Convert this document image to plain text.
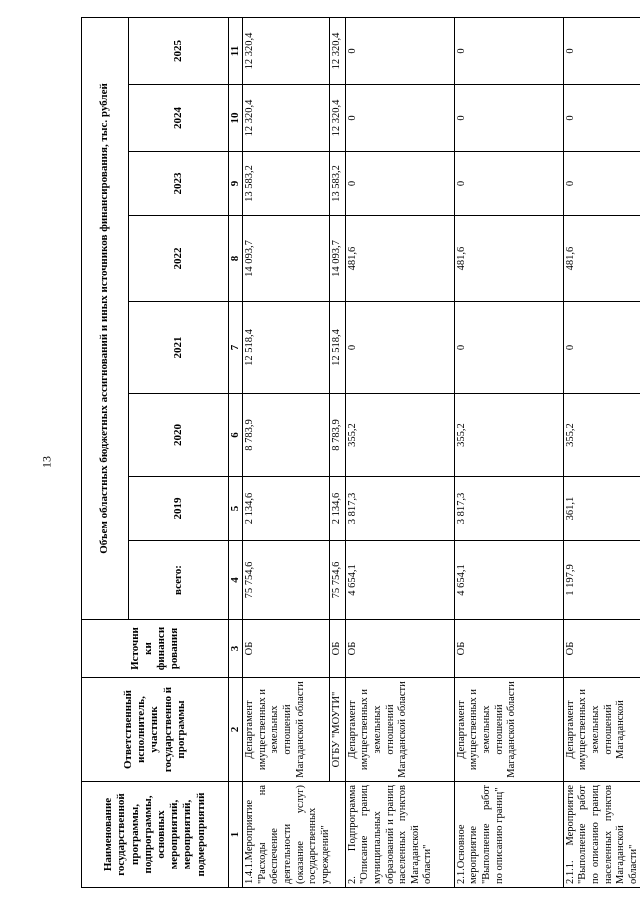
13
Наименование государственной программы, подпрограммы, основных мероприятий, мероприятий, подмероприятий	Ответственный исполнитель, участник государственно й программы	Источни ки финанси рования	Объем областных бюджетных ассигнований и иных источников финансирования, тыс. рублей							
			всего:	2019	2020	2021	2022	2023	2024	2025
1	2	3	4	5	6	7	8	9	10	11
1.4.1.Мероприятие "Расходы на обеспечение деятельности (оказание услуг) государственных учреждений"	Департамент имущественных и земельных отношений Магаданской области	ОБ	75 754,6	2 134,6	8 783,9	12 518,4	14 093,7	13 583,2	12 320,4	12 320,4
	ОГБУ "МОУТИ"	ОБ	75 754,6	2 134,6	8 783,9	12 518,4	14 093,7	13 583,2	12 320,4	12 320,4
2. Подпрограмма "Описание границ муниципальных образований и границ населенных пунктов Магаданской области"	Департамент имущественных и земельных отношений Магаданской области	ОБ	4 654,1	3 817,3	355,2	0	481,6	0	0	0
2.1.Основное мероприятие "Выполнение работ по описанию границ"	Департамент имущественных и земельных отношений Магаданской области	ОБ	4 654,1	3 817,3	355,2	0	481,6	0	0	0
2.1.1. Мероприятие "Выполнение работ по описанию границ населенных пунктов Магаданской области"	Департамент имущественных и земельных отношений Магаданской	ОБ	1 197,9	361,1	355,2	0	481,6	0	0	0
